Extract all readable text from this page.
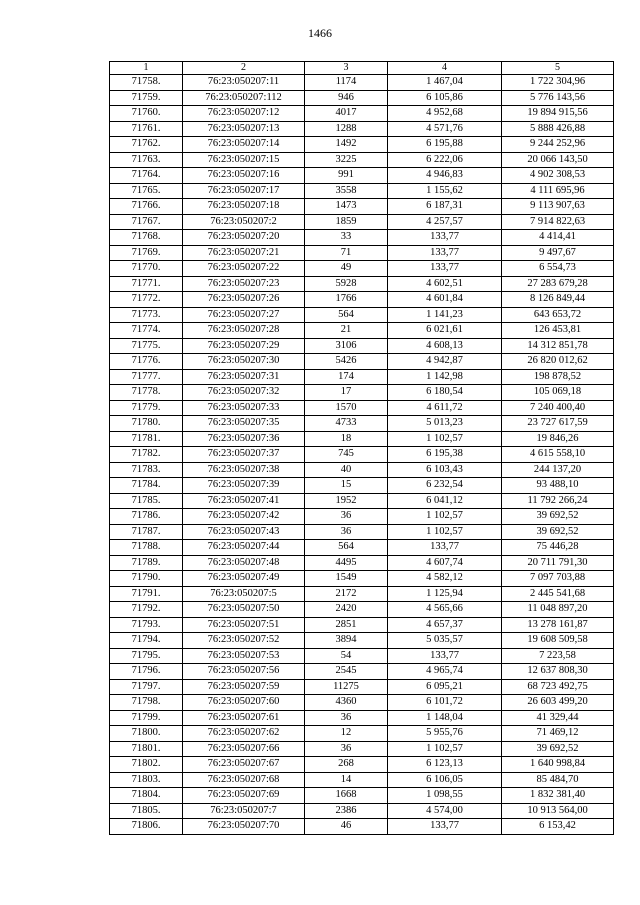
1466
1	2	3	4	5
71758.	76:23:050207:11	1174	1 467,04	1 722 304,96
71759.	76:23:050207:112	946	6 105,86	5 776 143,56
71760.	76:23:050207:12	4017	4 952,68	19 894 915,56
71761.	76:23:050207:13	1288	4 571,76	5 888 426,88
71762.	76:23:050207:14	1492	6 195,88	9 244 252,96
71763.	76:23:050207:15	3225	6 222,06	20 066 143,50
71764.	76:23:050207:16	991	4 946,83	4 902 308,53
71765.	76:23:050207:17	3558	1 155,62	4 111 695,96
71766.	76:23:050207:18	1473	6 187,31	9 113 907,63
71767.	76:23:050207:2	1859	4 257,57	7 914 822,63
71768.	76:23:050207:20	33	133,77	4 414,41
71769.	76:23:050207:21	71	133,77	9 497,67
71770.	76:23:050207:22	49	133,77	6 554,73
71771.	76:23:050207:23	5928	4 602,51	27 283 679,28
71772.	76:23:050207:26	1766	4 601,84	8 126 849,44
71773.	76:23:050207:27	564	1 141,23	643 653,72
71774.	76:23:050207:28	21	6 021,61	126 453,81
71775.	76:23:050207:29	3106	4 608,13	14 312 851,78
71776.	76:23:050207:30	5426	4 942,87	26 820 012,62
71777.	76:23:050207:31	174	1 142,98	198 878,52
71778.	76:23:050207:32	17	6 180,54	105 069,18
71779.	76:23:050207:33	1570	4 611,72	7 240 400,40
71780.	76:23:050207:35	4733	5 013,23	23 727 617,59
71781.	76:23:050207:36	18	1 102,57	19 846,26
71782.	76:23:050207:37	745	6 195,38	4 615 558,10
71783.	76:23:050207:38	40	6 103,43	244 137,20
71784.	76:23:050207:39	15	6 232,54	93 488,10
71785.	76:23:050207:41	1952	6 041,12	11 792 266,24
71786.	76:23:050207:42	36	1 102,57	39 692,52
71787.	76:23:050207:43	36	1 102,57	39 692,52
71788.	76:23:050207:44	564	133,77	75 446,28
71789.	76:23:050207:48	4495	4 607,74	20 711 791,30
71790.	76:23:050207:49	1549	4 582,12	7 097 703,88
71791.	76:23:050207:5	2172	1 125,94	2 445 541,68
71792.	76:23:050207:50	2420	4 565,66	11 048 897,20
71793.	76:23:050207:51	2851	4 657,37	13 278 161,87
71794.	76:23:050207:52	3894	5 035,57	19 608 509,58
71795.	76:23:050207:53	54	133,77	7 223,58
71796.	76:23:050207:56	2545	4 965,74	12 637 808,30
71797.	76:23:050207:59	11275	6 095,21	68 723 492,75
71798.	76:23:050207:60	4360	6 101,72	26 603 499,20
71799.	76:23:050207:61	36	1 148,04	41 329,44
71800.	76:23:050207:62	12	5 955,76	71 469,12
71801.	76:23:050207:66	36	1 102,57	39 692,52
71802.	76:23:050207:67	268	6 123,13	1 640 998,84
71803.	76:23:050207:68	14	6 106,05	85 484,70
71804.	76:23:050207:69	1668	1 098,55	1 832 381,40
71805.	76:23:050207:7	2386	4 574,00	10 913 564,00
71806.	76:23:050207:70	46	133,77	6 153,42
